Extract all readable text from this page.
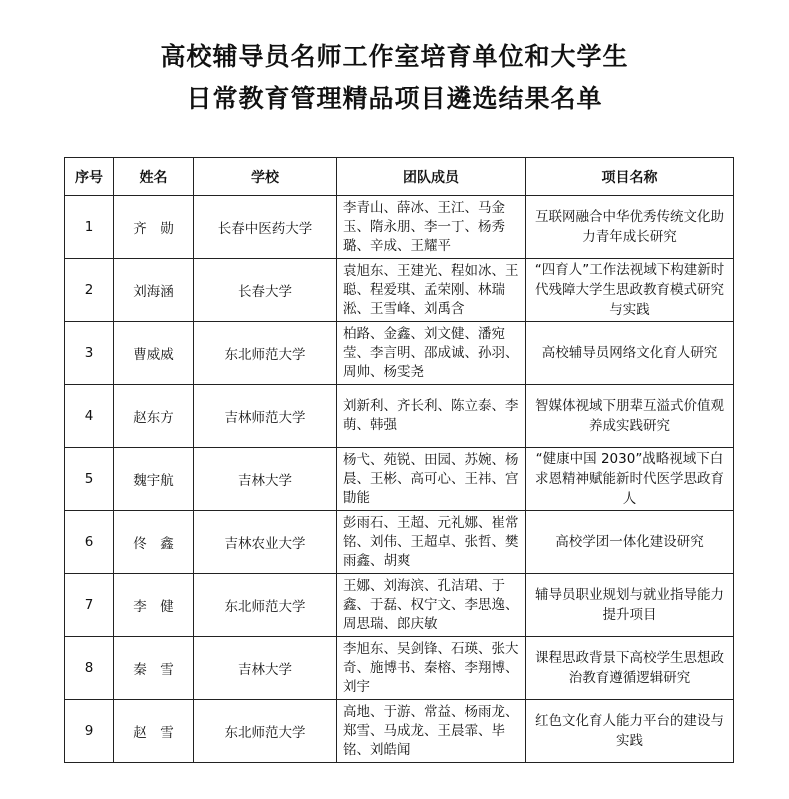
高校辅导员名师工作室培育单位和大学生
日常教育管理精品项目遴选结果名单
序号	姓名	学校	团队成员	项目名称
1	齐　勋	长春中医药大学	李青山、薛冰、王江、马金玉、隋永朋、李一丁、杨秀璐、辛成、王耀平	互联网融合中华优秀传统文化助力青年成长研究
2	刘海涵	长春大学	袁旭东、王建光、程如冰、王聪、程爱琪、孟荣刚、林瑞淞、王雪峰、刘禹含	“四育人”工作法视域下构建新时代残障大学生思政教育模式研究与实践
3	曹威威	东北师范大学	柏路、金鑫、刘文健、潘宛莹、李言明、邵成诚、孙羽、周帅、杨雯尧	高校辅导员网络文化育人研究
4	赵东方	吉林师范大学	刘新利、齐长利、陈立泰、李萌、韩强	智媒体视域下朋辈互溢式价值观养成实践研究
5	魏宇航	吉林大学	杨弋、苑锐、田园、苏婉、杨晨、王彬、高可心、王祎、宫勖能	“健康中国 2030”战略视域下白求恩精神赋能新时代医学思政育人
6	佟　鑫	吉林农业大学	彭雨石、王超、元礼娜、崔常铭、刘伟、王超卓、张哲、樊雨鑫、胡爽	高校学团一体化建设研究
7	李　健	东北师范大学	王娜、刘海滨、孔洁珺、于鑫、于磊、权宁文、李思逸、周思瑞、郎庆敏	辅导员职业规划与就业指导能力提升项目
8	秦　雪	吉林大学	李旭东、吴剑锋、石瑛、张大奇、施博书、秦榕、李翔博、刘宇	课程思政背景下高校学生思想政治教育遵循逻辑研究
9	赵　雪	东北师范大学	高地、于游、常益、杨雨龙、郑雪、马成龙、王晨霏、毕铭、刘皓闻	红色文化育人能力平台的建设与实践
